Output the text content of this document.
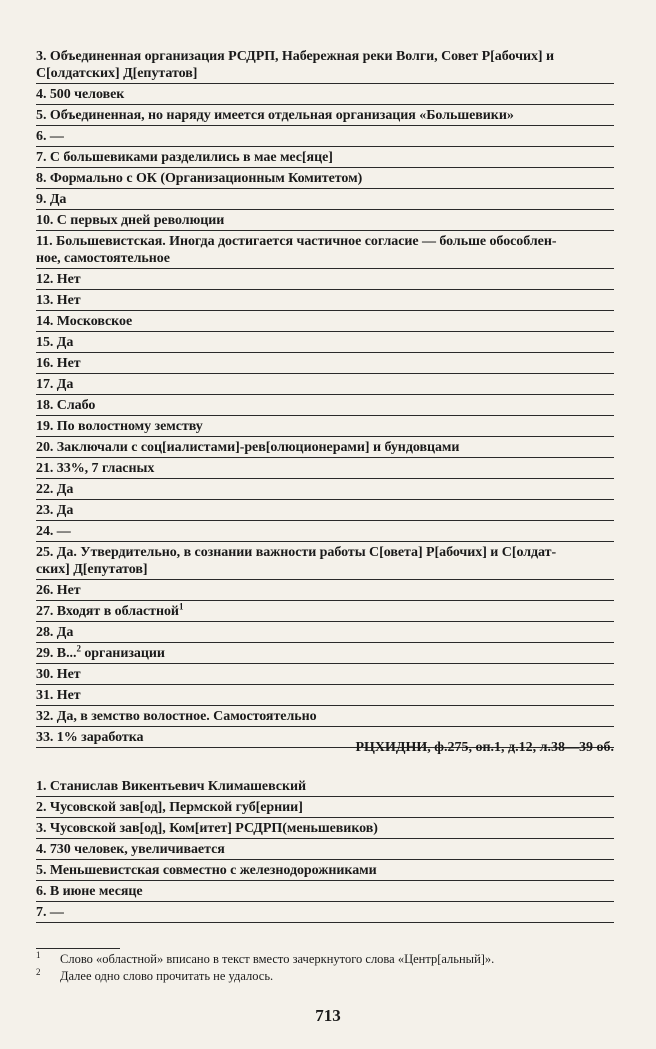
3. Объединенная организация РСДРП, Набережная реки Волги, Совет Р[абочих] и
С[олдатских] Д[епутатов]
4. 500 человек
5. Объединенная, но наряду имеется отдельная организация «Большевики»
6. —
7. С большевиками разделились в мае мес[яце]
8. Формально с ОК (Организационным Комитетом)
9. Да
10. С первых дней революции
11. Большевистская. Иногда достигается частичное согласие — больше обособлен-
ное, самостоятельное
12. Нет
13. Нет
14. Московское
15. Да
16. Нет
17. Да
18. Слабо
19. По волостному земству
20. Заключали с соц[иалистами]-рев[олюционерами] и бундовцами
21. 33%, 7 гласных
22. Да
23. Да
24. —
25. Да. Утвердительно, в сознании важности работы С[овета] Р[абочих] и С[олдат-
ских] Д[епутатов]
26. Нет
27. Входят в областной$^1$
28. Да
29. В...$^2$ организации
30. Нет
31. Нет
32. Да, в земство волостное. Самостоятельно
33. 1% заработка
РЦХИДНИ, ф.275, оп.1, д.12, л.38—39 об.
1. Станислав Викентьевич Климашевский
2. Чусовской зав[од], Пермской губ[ернии]
3. Чусовской зав[од], Ком[итет] РСДРП(меньшевиков)
4. 730 человек, увеличивается
5. Меньшевистская совместно с железнодорожниками
6. В июне месяце
7. —
1 Слово «областной» вписано в текст вместо зачеркнутого слова «Центр[альный]».
2 Далее одно слово прочитать не удалось.
713
